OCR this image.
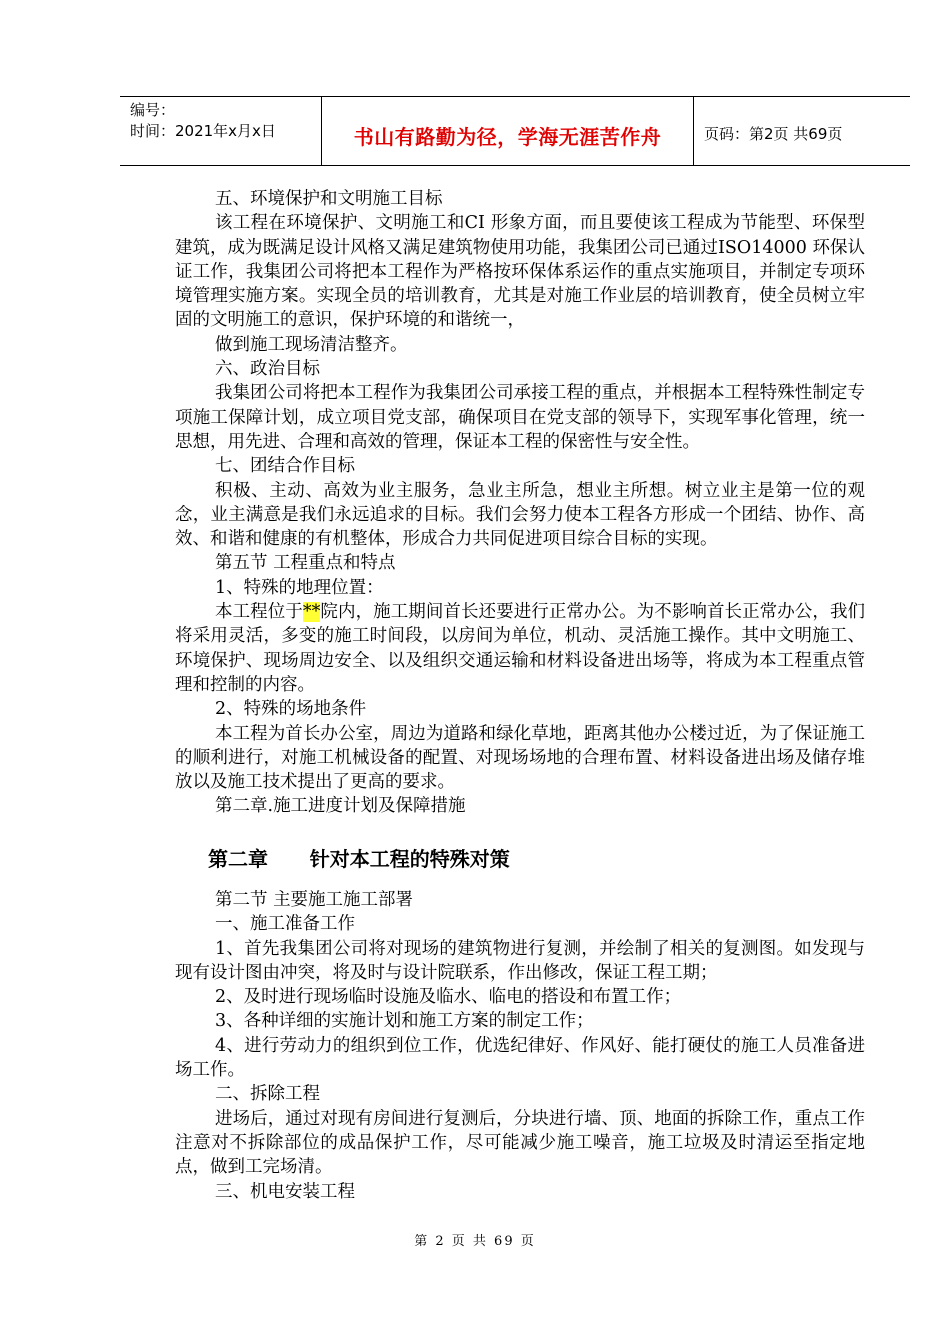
编号：
时间：2021年x月x日	书山有路勤为径，学海无涯苦作舟	页码：第2页 共69页

五、环境保护和文明施工目标

该工程在环境保护、文明施工和CI 形象方面，而且要使该工程成为节能型、环保型建筑，成为既满足设计风格又满足建筑物使用功能，我集团公司已通过ISO14000 环保认证工作，我集团公司将把本工程作为严格按环保体系运作的重点实施项目，并制定专项环境管理实施方案。实现全员的培训教育，尤其是对施工作业层的培训教育，使全员树立牢固的文明施工的意识，保护环境的和谐统一，

做到施工现场清洁整齐。

六、政治目标

我集团公司将把本工程作为我集团公司承接工程的重点，并根据本工程特殊性制定专项施工保障计划，成立项目党支部，确保项目在党支部的领导下，实现军事化管理，统一思想，用先进、合理和高效的管理，保证本工程的保密性与安全性。

七、团结合作目标

积极、主动、高效为业主服务，急业主所急，想业主所想。树立业主是第一位的观念，业主满意是我们永远追求的目标。我们会努力使本工程各方形成一个团结、协作、高效、和谐和健康的有机整体，形成合力共同促进项目综合目标的实现。

第五节 工程重点和特点

1、特殊的地理位置：

本工程位于**院内，施工期间首长还要进行正常办公。为不影响首长正常办公，我们将采用灵活，多变的施工时间段，以房间为单位，机动、灵活施工操作。其中文明施工、环境保护、现场周边安全、以及组织交通运输和材料设备进出场等，将成为本工程重点管理和控制的内容。

2、特殊的场地条件

本工程为首长办公室，周边为道路和绿化草地，距离其他办公楼过近，为了保证施工的顺利进行，对施工机械设备的配置、对现场场地的合理布置、材料设备进出场及储存堆放以及施工技术提出了更高的要求。

第二章.施工进度计划及保障措施

第二章      针对本工程的特殊对策

第二节 主要施工施工部署

一、施工准备工作

1、首先我集团公司将对现场的建筑物进行复测，并绘制了相关的复测图。如发现与现有设计图由冲突，将及时与设计院联系，作出修改，保证工程工期；

2、及时进行现场临时设施及临水、临电的搭设和布置工作；

3、各种详细的实施计划和施工方案的制定工作；

4、进行劳动力的组织到位工作，优选纪律好、作风好、能打硬仗的施工人员准备进场工作。

二、拆除工程

进场后，通过对现有房间进行复测后，分块进行墙、顶、地面的拆除工作，重点工作注意对不拆除部位的成品保护工作，尽可能减少施工噪音，施工垃圾及时清运至指定地点，做到工完场清。

三、机电安装工程

第 2 页 共 69 页
